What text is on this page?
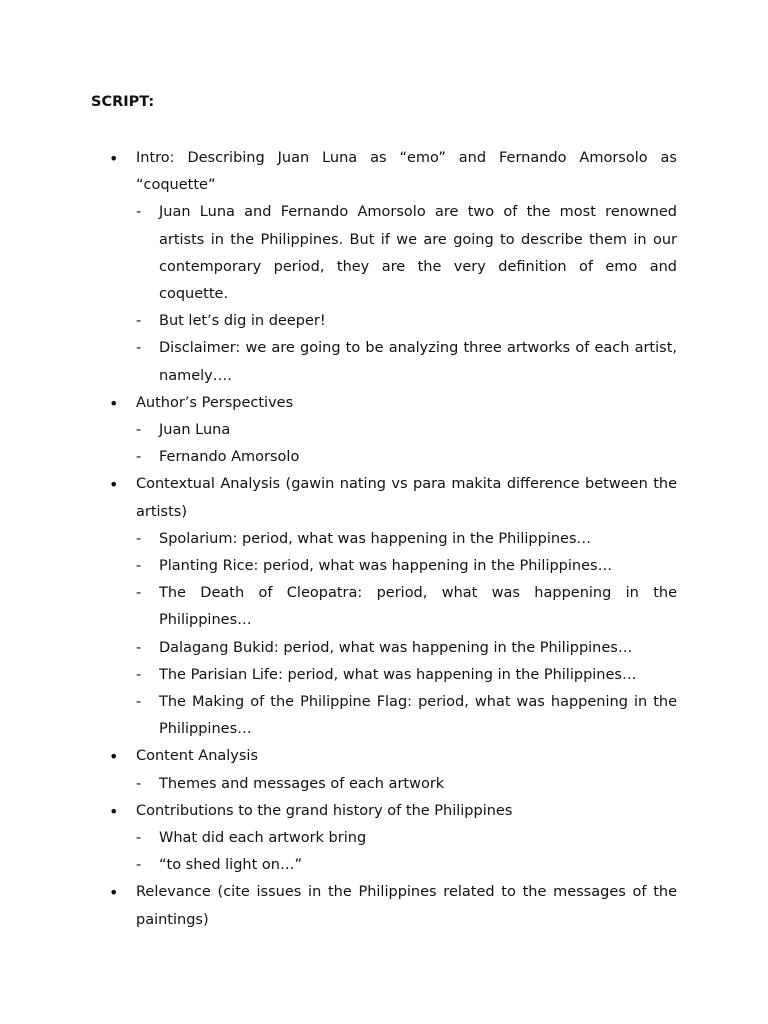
SCRIPT:

• Intro: Describing Juan Luna as “emo” and Fernando Amorsolo as “coquette”
- Juan Luna and Fernando Amorsolo are two of the most renowned artists in the Philippines. But if we are going to describe them in our contemporary period, they are the very definition of emo and coquette.
- But let’s dig in deeper!
- Disclaimer: we are going to be analyzing three artworks of each artist, namely….
• Author’s Perspectives
- Juan Luna
- Fernando Amorsolo
• Contextual Analysis (gawin nating vs para makita difference between the artists)
- Spolarium: period, what was happening in the Philippines…
- Planting Rice: period, what was happening in the Philippines…
- The Death of Cleopatra: period, what was happening in the Philippines…
- Dalagang Bukid: period, what was happening in the Philippines…
- The Parisian Life: period, what was happening in the Philippines…
- The Making of the Philippine Flag: period, what was happening in the Philippines…
• Content Analysis
- Themes and messages of each artwork
• Contributions to the grand history of the Philippines
- What did each artwork bring
- “to shed light on…”
• Relevance (cite issues in the Philippines related to the messages of the paintings)
